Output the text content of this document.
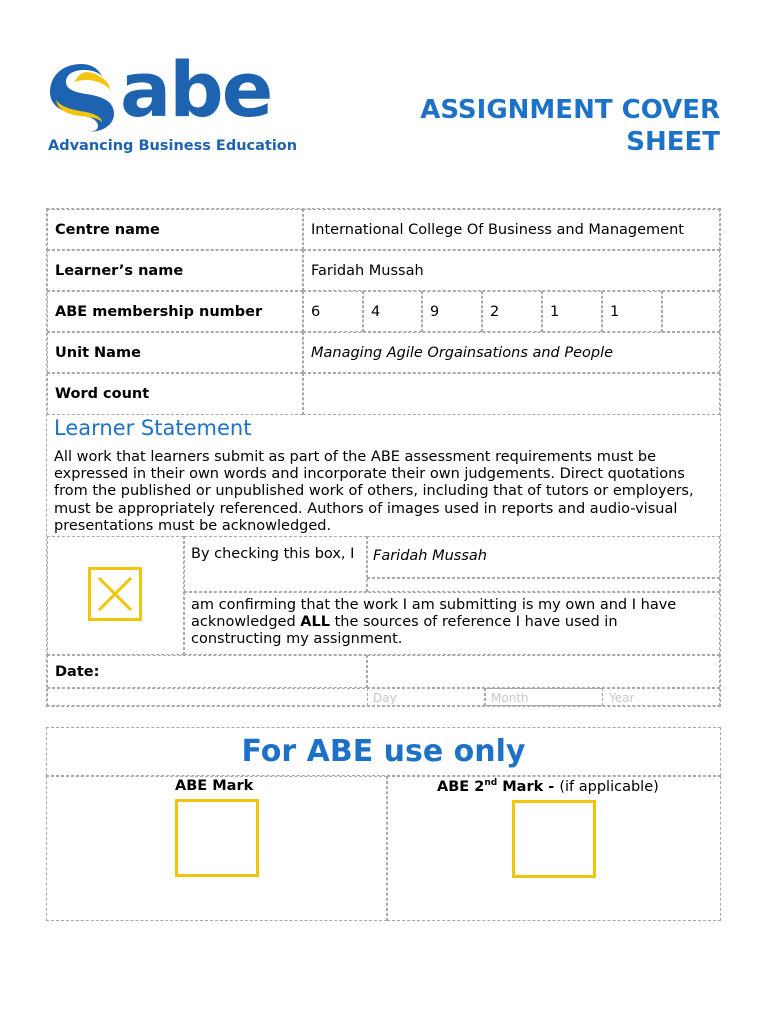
abe
Advancing Business Education
ASSIGNMENT COVER
SHEET
Centre name	International College Of Business and Management
Learner’s name	Faridah Mussah
ABE membership number	6	4	9	2	1	1
Unit Name	Managing Agile Orgainsations and People
Word count
Learner Statement
All work that learners submit as part of the ABE assessment requirements must be expressed in their own words and incorporate their own judgements. Direct quotations from the published or unpublished work of others, including that of tutors or employers, must be appropriately referenced. Authors of images used in reports and audio-visual presentations must be acknowledged.
By checking this box, I	Faridah Mussah
am confirming that the work I am submitting is my own and I have acknowledged ALL the sources of reference I have used in constructing my assignment.
Date:
Day	Month	Year
For ABE use only
ABE Mark	ABE 2nd Mark - (if applicable)
